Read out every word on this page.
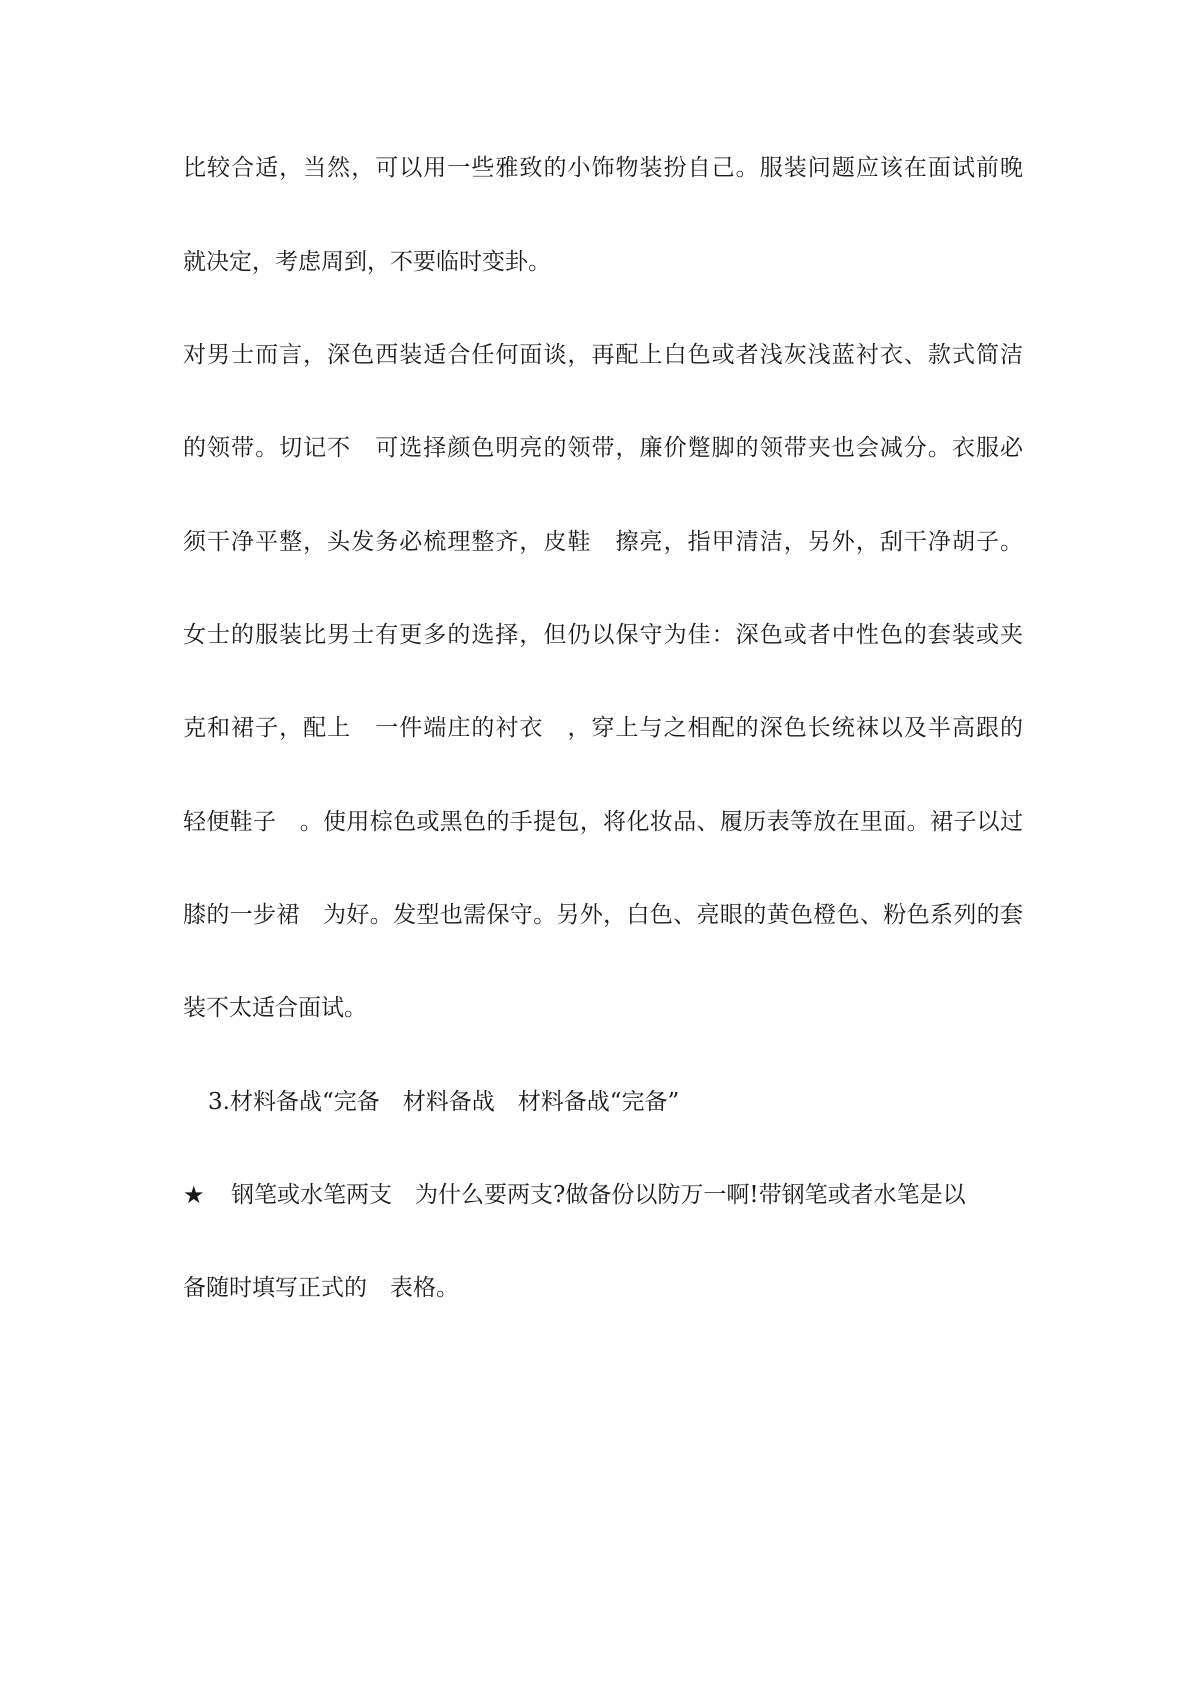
比较合适，当然，可以用一些雅致的小饰物装扮自己。服装问题应该在面试前晚
就决定，考虑周到，不要临时变卦。
对男士而言，深色西装适合任何面谈，再配上白色或者浅灰浅蓝衬衣、款式简洁
的领带。切记不　可选择颜色明亮的领带，廉价蹩脚的领带夹也会减分。衣服必
须干净平整，头发务必梳理整齐，皮鞋　擦亮，指甲清洁，另外，刮干净胡子。
女士的服装比男士有更多的选择，但仍以保守为佳：深色或者中性色的套装或夹
克和裙子，配上　一件端庄的衬衣　，穿上与之相配的深色长统袜以及半高跟的
轻便鞋子　。使用棕色或黑色的手提包，将化妆品、履历表等放在里面。裙子以过
膝的一步裙　为好。发型也需保守。另外，白色、亮眼的黄色橙色、粉色系列的套
装不太适合面试。
3.材料备战“完备　材料备战　材料备战“完备”
★ 钢笔或水笔两支　为什么要两支?做备份以防万一啊!带钢笔或者水笔是以
备随时填写正式的　表格。
